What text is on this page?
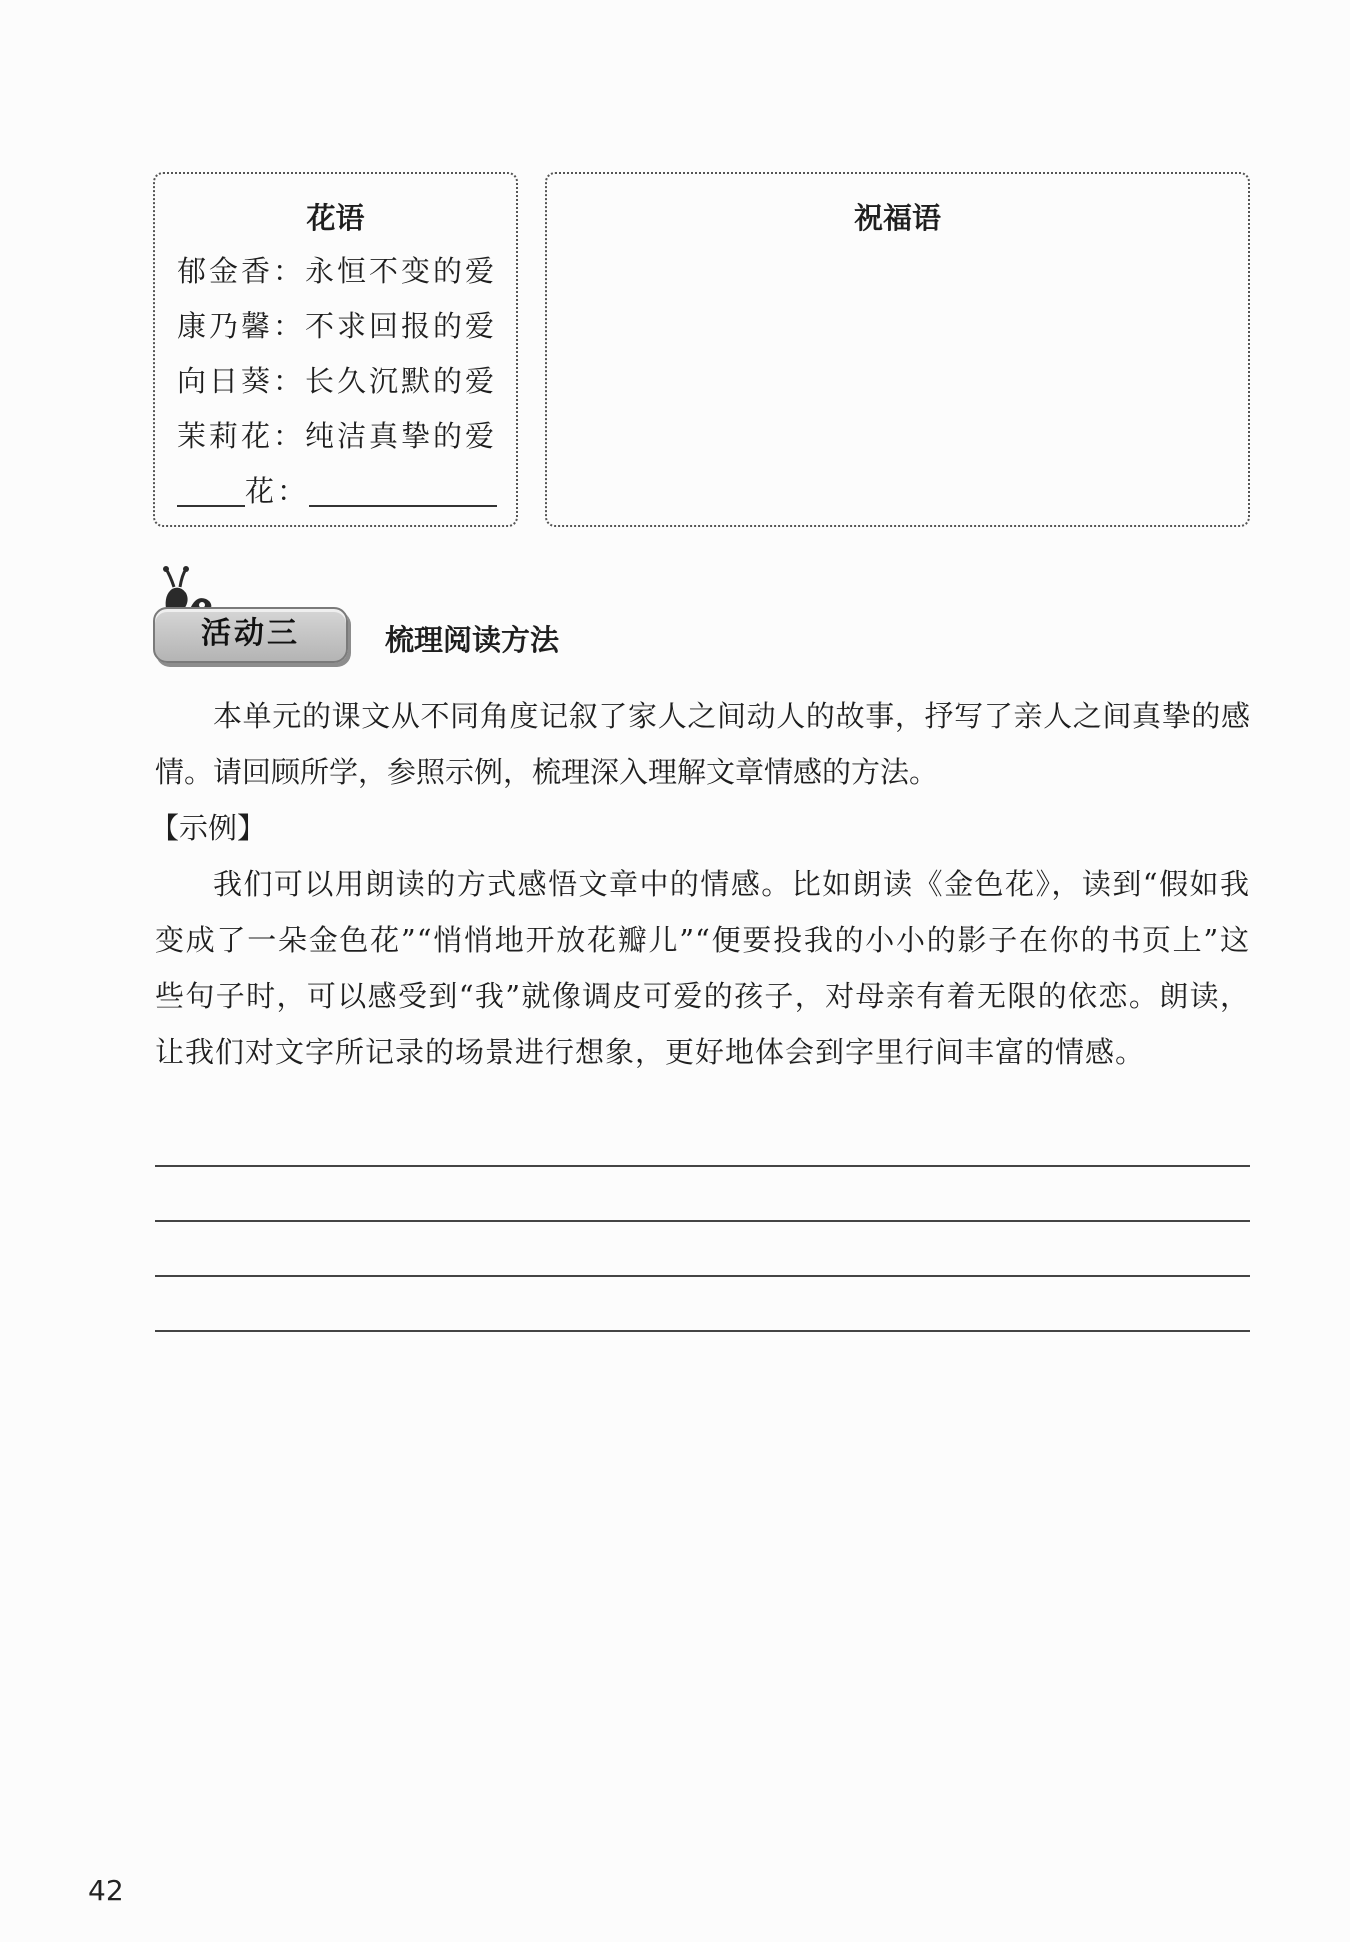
花语
郁金香：永恒不变的爱
康乃馨：不求回报的爱
向日葵：长久沉默的爱
茉莉花：纯洁真挚的爱
花：
祝福语
活动三	梳理阅读方法

本单元的课文从不同角度记叙了家人之间动人的故事，抒写了亲人之间真挚的感情。请回顾所学，参照示例，梳理深入理解文章情感的方法。

【示例】

我们可以用朗读的方式感悟文章中的情感。比如朗读《金色花》，读到“假如我变成了一朵金色花”“悄悄地开放花瓣儿”“便要投我的小小的影子在你的书页上”这些句子时，可以感受到“我”就像调皮可爱的孩子，对母亲有着无限的依恋。朗读，让我们对文字所记录的场景进行想象，更好地体会到字里行间丰富的情感。

42
